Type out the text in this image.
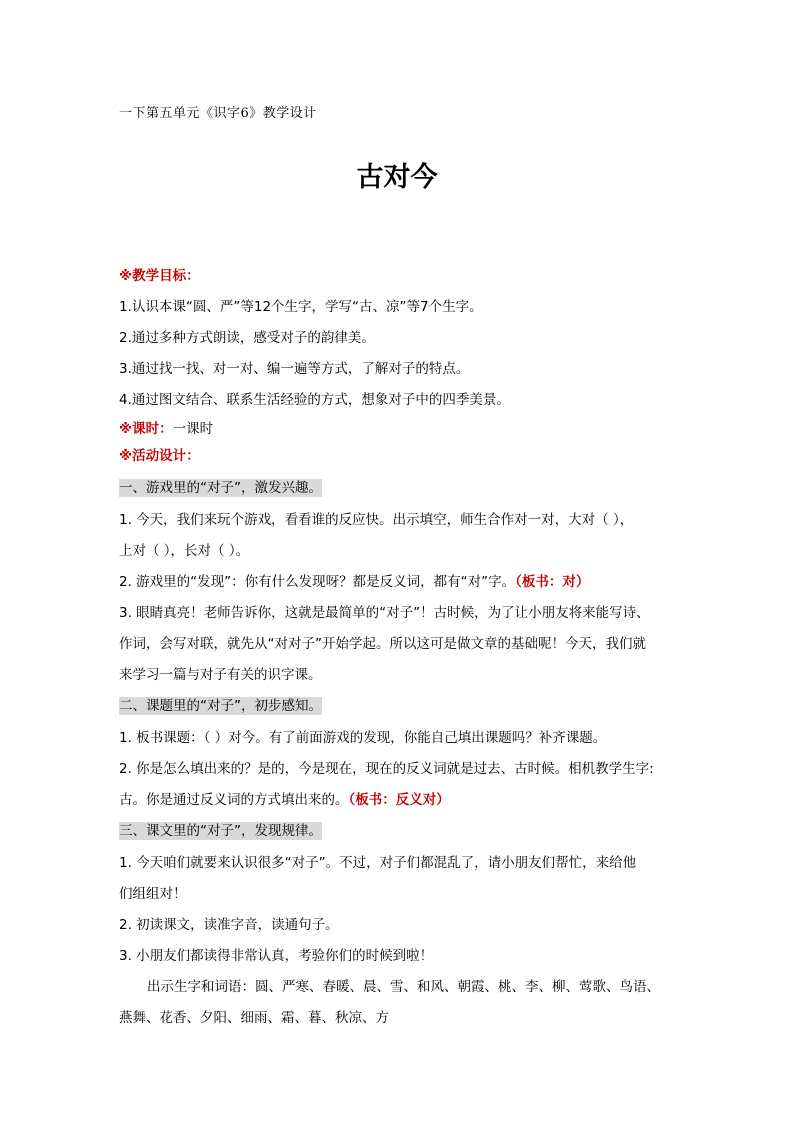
一下第五单元《识字6》教学设计
古对今
※教学目标：
1.认识本课“圆、严”等12个生字，学写“古、凉”等7个生字。
2.通过多种方式朗读，感受对子的韵律美。
3.通过找一找、对一对、编一遍等方式，了解对子的特点。
4.通过图文结合、联系生活经验的方式，想象对子中的四季美景。
※课时：一课时
※活动设计：
一、游戏里的“对子”，激发兴趣。
1. 今天，我们来玩个游戏，看看谁的反应快。出示填空，师生合作对一对，大对（ ），
上对（ ），长对（ ）。
2. 游戏里的“发现”：你有什么发现呀？都是反义词，都有“对”字。（板书：对）
3. 眼睛真亮！老师告诉你，这就是最简单的“对子”！古时候，为了让小朋友将来能写诗、
作词，会写对联，就先从“对对子”开始学起。所以这可是做文章的基础呢！今天，我们就
来学习一篇与对子有关的识字课。
二、课题里的“对子”，初步感知。
1. 板书课题：（ ）对今。有了前面游戏的发现，你能自己填出课题吗？补齐课题。
2. 你是怎么填出来的？是的，今是现在，现在的反义词就是过去、古时候。相机教学生字:
古。你是通过反义词的方式填出来的。（板书：反义对）
三、课文里的“对子”，发现规律。
1. 今天咱们就要来认识很多“对子”。不过，对子们都混乱了，请小朋友们帮忙，来给他
们组组对！
2. 初读课文，读准字音，读通句子。
3. 小朋友们都读得非常认真，考验你们的时候到啦！
出示生字和词语：圆、严寒、春暖、晨、雪、和风、朝霞、桃、李、柳、莺歌、鸟语、
燕舞、花香、夕阳、细雨、霜、暮、秋凉、方
